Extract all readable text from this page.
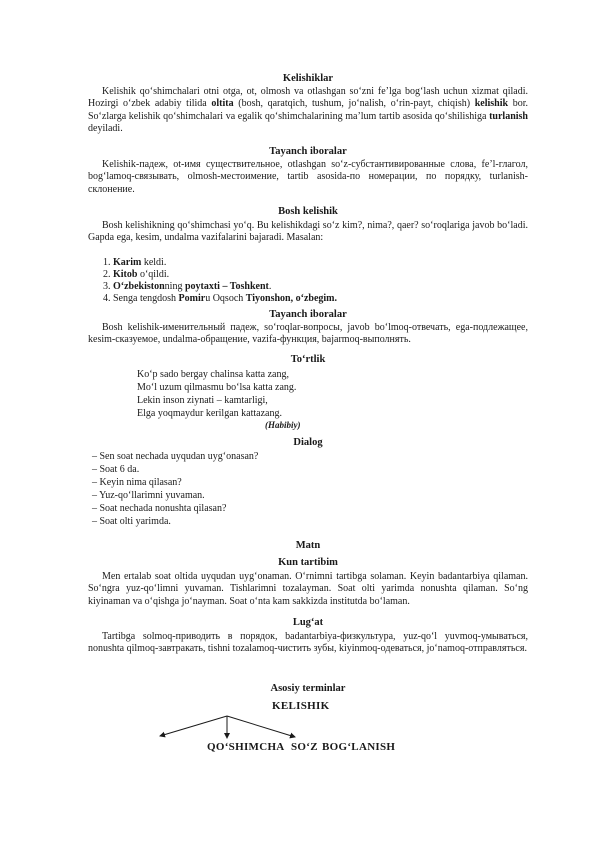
Kelishiklar
Kelishik qo‘shimchalari otni otga, ot, olmosh va otlashgan so‘zni fe’lga bog‘lash uchun xizmat qiladi. Hozirgi o‘zbek adabiy tilida oltita (bosh, qaratqich, tushum, jo‘nalish, o‘rin-payt, chiqish) kelishik bor. So‘zlarga kelishik qo‘shimchalari va egalik qo‘shimchalarining ma’lum tartib asosida qo‘shilishiga turlanish deyiladi.
Tayanch iboralar
Kelishik-падеж, ot-имя существительное, otlashgan so‘z-субстантивированные слова, fe’l-глагол, bog‘lamoq-связывать, olmosh-местоимение, tartib asosida-по номерации, по порядку, turlanish-склонение.
Bosh kelishik
Bosh kelishikning qo‘shimchasi yo‘q. Bu kelishikdagi so‘z kim?, nima?, qaer? so‘roqlariga javob bo‘ladi. Gapda ega, kesim, undalma vazifalarini bajaradi. Masalan:
1. Karim keldi.
2. Kitob o‘qildi.
3. O‘zbekistonning poytaxti – Toshkent.
4. Senga tengdosh Pomiru Oqsoch Tiyonshon, o‘zbegim.
Tayanch iboralar
Bosh kelishik-именительный падеж, so‘roqlar-вопросы, javob bo‘lmoq-отвечать, ega-подлежащее, kesim-сказуемое, undalma-обращение, vazifa-функция, bajarmoq-выполнять.
To‘rtlik
Ko‘p sado bergay chalinsa katta zang,
Mo‘l uzum qilmasmu bo‘lsa katta zang.
Lekin inson ziynati – kamtarligi,
Elga yoqmaydur kerilgan kattazang.
(Habibiy)
Dialog
– Sen soat nechada uyqudan uyg‘onasan?
– Soat 6 da.
– Keyin nima qilasan?
– Yuz-qo‘llarimni yuvaman.
– Soat nechada nonushta qilasan?
– Soat olti yarimda.
Matn
Kun tartibim
Men ertalab soat oltida uyqudan uyg‘onaman. O‘rnimni tartibga solaman. Keyin badantarbiya qilaman. So‘ngra yuz-qo‘limni yuvaman. Tishlarimni tozalayman. Soat olti yarimda nonushta qilaman. So‘ng kiyinaman va o‘qishga jo‘nayman. Soat o‘nta kam sakkizda institutda bo‘laman.
Lug‘at
Tartibga solmoq-приводить в порядок, badantarbiya-физкультура, yuz-qo‘l yuvmoq-умываться, nonushta qilmoq-завтракать, tishni tozalamoq-чистить зубы, kiyinmoq-одеваться, jo‘namoq-отправляться.
Asosiy terminlar
KELISHIK
QO‘SHIMCHA SO‘Z BOG‘LANISH
